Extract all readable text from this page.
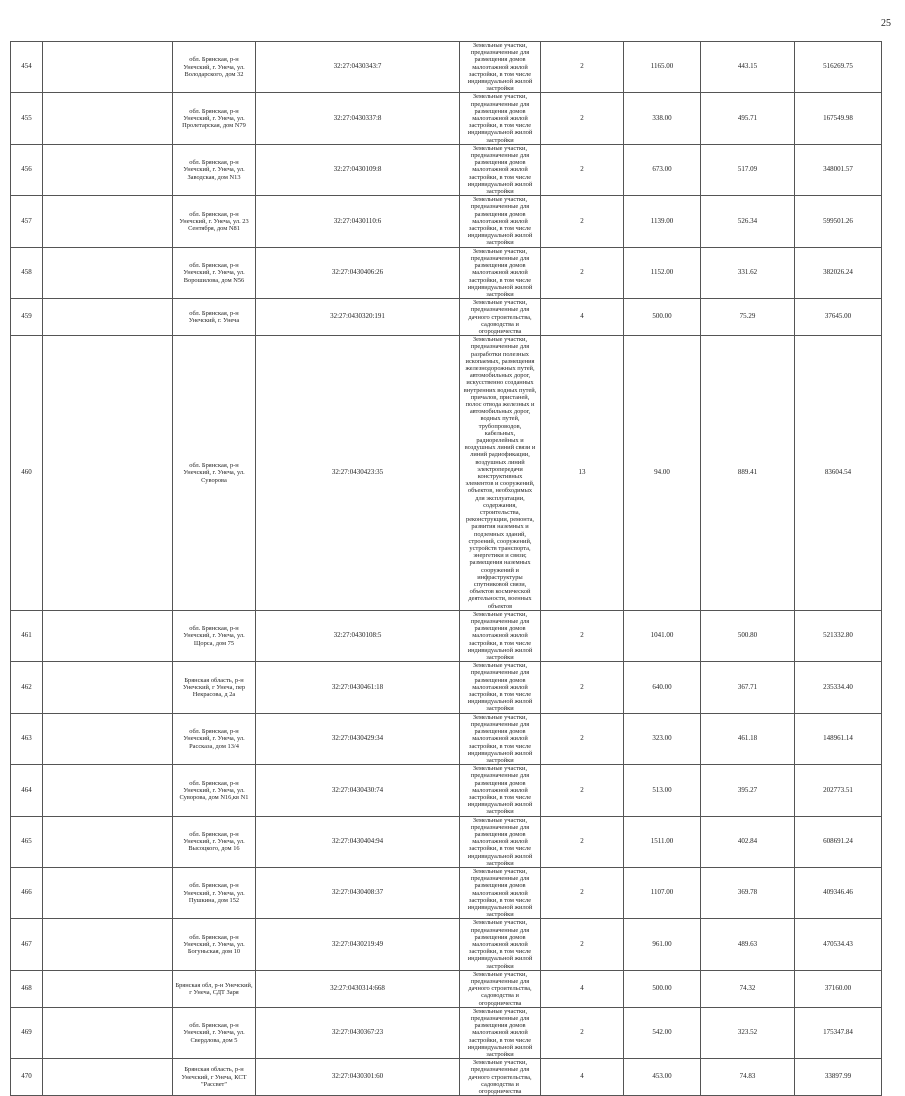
25
454		обл. Брянская, р-н Унечский, г. Унеча, ул. Володарского, дом 32	32:27:0430343:7	Земельные участки, предназначенные для размещения домов малоэтажной жилой застройки, в том числе индивидуальной жилой застройки	2	1165.00	443.15	516269.75
455		обл. Брянская, р-н Унечский, г. Унеча, ул. Пролетарская, дом N79	32:27:0430337:8	Земельные участки, предназначенные для размещения домов малоэтажной жилой застройки, в том числе индивидуальной жилой застройки	2	338.00	495.71	167549.98
456		обл. Брянская, р-н Унечский, г. Унеча, ул. Заводская, дом N13	32:27:0430109:8	Земельные участки, предназначенные для размещения домов малоэтажной жилой застройки, в том числе индивидуальной жилой застройки	2	673.00	517.09	348001.57
457		обл. Брянская, р-н Унечский, г. Унеча, ул. 23 Сентября, дом N81	32:27:0430110:6	Земельные участки, предназначенные для размещения домов малоэтажной жилой застройки, в том числе индивидуальной жилой застройки	2	1139.00	526.34	599501.26
458		обл. Брянская, р-н Унечский, г. Унеча, ул. Ворошилова, дом N56	32:27:0430406:26	Земельные участки, предназначенные для размещения домов малоэтажной жилой застройки, в том числе индивидуальной жилой застройки	2	1152.00	331.62	382026.24
459		обл. Брянская, р-н Унечский, г. Унеча	32:27:0430320:191	Земельные участки, предназначенные для дачного строительства, садоводства и огородничества	4	500.00	75.29	37645.00
460		обл. Брянская, р-н Унечский, г. Унеча, ул. Суворова	32:27:0430423:35	Земельные участки, предназначенные для разработки полезных ископаемых, размещения железнодорожных путей, автомобильных дорог, искусственно созданных внутренних водных путей, причалов, пристаней, полос отвода железных и автомобильных дорог, водных путей, трубопроводов, кабельных, радиорелейных и воздушных линий связи и линий радиофикации, воздушных линий электропередачи конструктивных элементов и сооружений, объектов, необходимых для эксплуатации, содержания, строительства, реконструкции, ремонта, развития наземных и подземных зданий, строений, сооружений, устройств транспорта, энергетики и связи; размещения наземных сооружений и инфраструктуры спутниковой связи, объектов космической деятельности, военных объектов	13	94.00	889.41	83604.54
461		обл. Брянская, р-н Унечский, г. Унеча, ул. Щорса, дом 75	32:27:0430108:5	Земельные участки, предназначенные для размещения домов малоэтажной жилой застройки, в том числе индивидуальной жилой застройки	2	1041.00	500.80	521332.80
462		Брянская область, р-н Унечский, г Унеча, пер Некрасова, д 2а	32:27:0430461:18	Земельные участки, предназначенные для размещения домов малоэтажной жилой застройки, в том числе индивидуальной жилой застройки	2	640.00	367.71	235334.40
463		обл. Брянская, р-н Унечский, г. Унеча, ул. Рассказа, дом 13/4	32:27:0430429:34	Земельные участки, предназначенные для размещения домов малоэтажной жилой застройки, в том числе индивидуальной жилой застройки	2	323.00	461.18	148961.14
464		обл. Брянская, р-н Унечский, г. Унеча, ул. Суворова, дом N16,кв N1	32:27:0430430:74	Земельные участки, предназначенные для размещения домов малоэтажной жилой застройки, в том числе индивидуальной жилой застройки	2	513.00	395.27	202773.51
465		обл. Брянская, р-н Унечский, г. Унеча, ул. Высоцкого, дом 16	32:27:0430404:94	Земельные участки, предназначенные для размещения домов малоэтажной жилой застройки, в том числе индивидуальной жилой застройки	2	1511.00	402.84	608691.24
466		обл. Брянская, р-н Унечский, г. Унеча, ул. Пушкина, дом 152	32:27:0430408:37	Земельные участки, предназначенные для размещения домов малоэтажной жилой застройки, в том числе индивидуальной жилой застройки	2	1107.00	369.78	409346.46
467		обл. Брянская, р-н Унечский, г. Унеча, ул. Богуньская, дом 10	32:27:0430219:49	Земельные участки, предназначенные для размещения домов малоэтажной жилой застройки, в том числе индивидуальной жилой застройки	2	961.00	489.63	470534.43
468		Брянская обл, р-н Унечский, г Унеча, СДТ Заря	32:27:0430314:668	Земельные участки, предназначенные для дачного строительства, садоводства и огородничества	4	500.00	74.32	37160.00
469		обл. Брянская, р-н Унечский, г. Унеча, ул. Свердлова, дом 5	32:27:0430367:23	Земельные участки, предназначенные для размещения домов малоэтажной жилой застройки, в том числе индивидуальной жилой застройки	2	542.00	323.52	175347.84
470		Брянская область, р-н Унечский, г Унеча, КСТ "Рассвет"	32:27:0430301:60	Земельные участки, предназначенные для дачного строительства, садоводства и огородничества	4	453.00	74.83	33897.99
